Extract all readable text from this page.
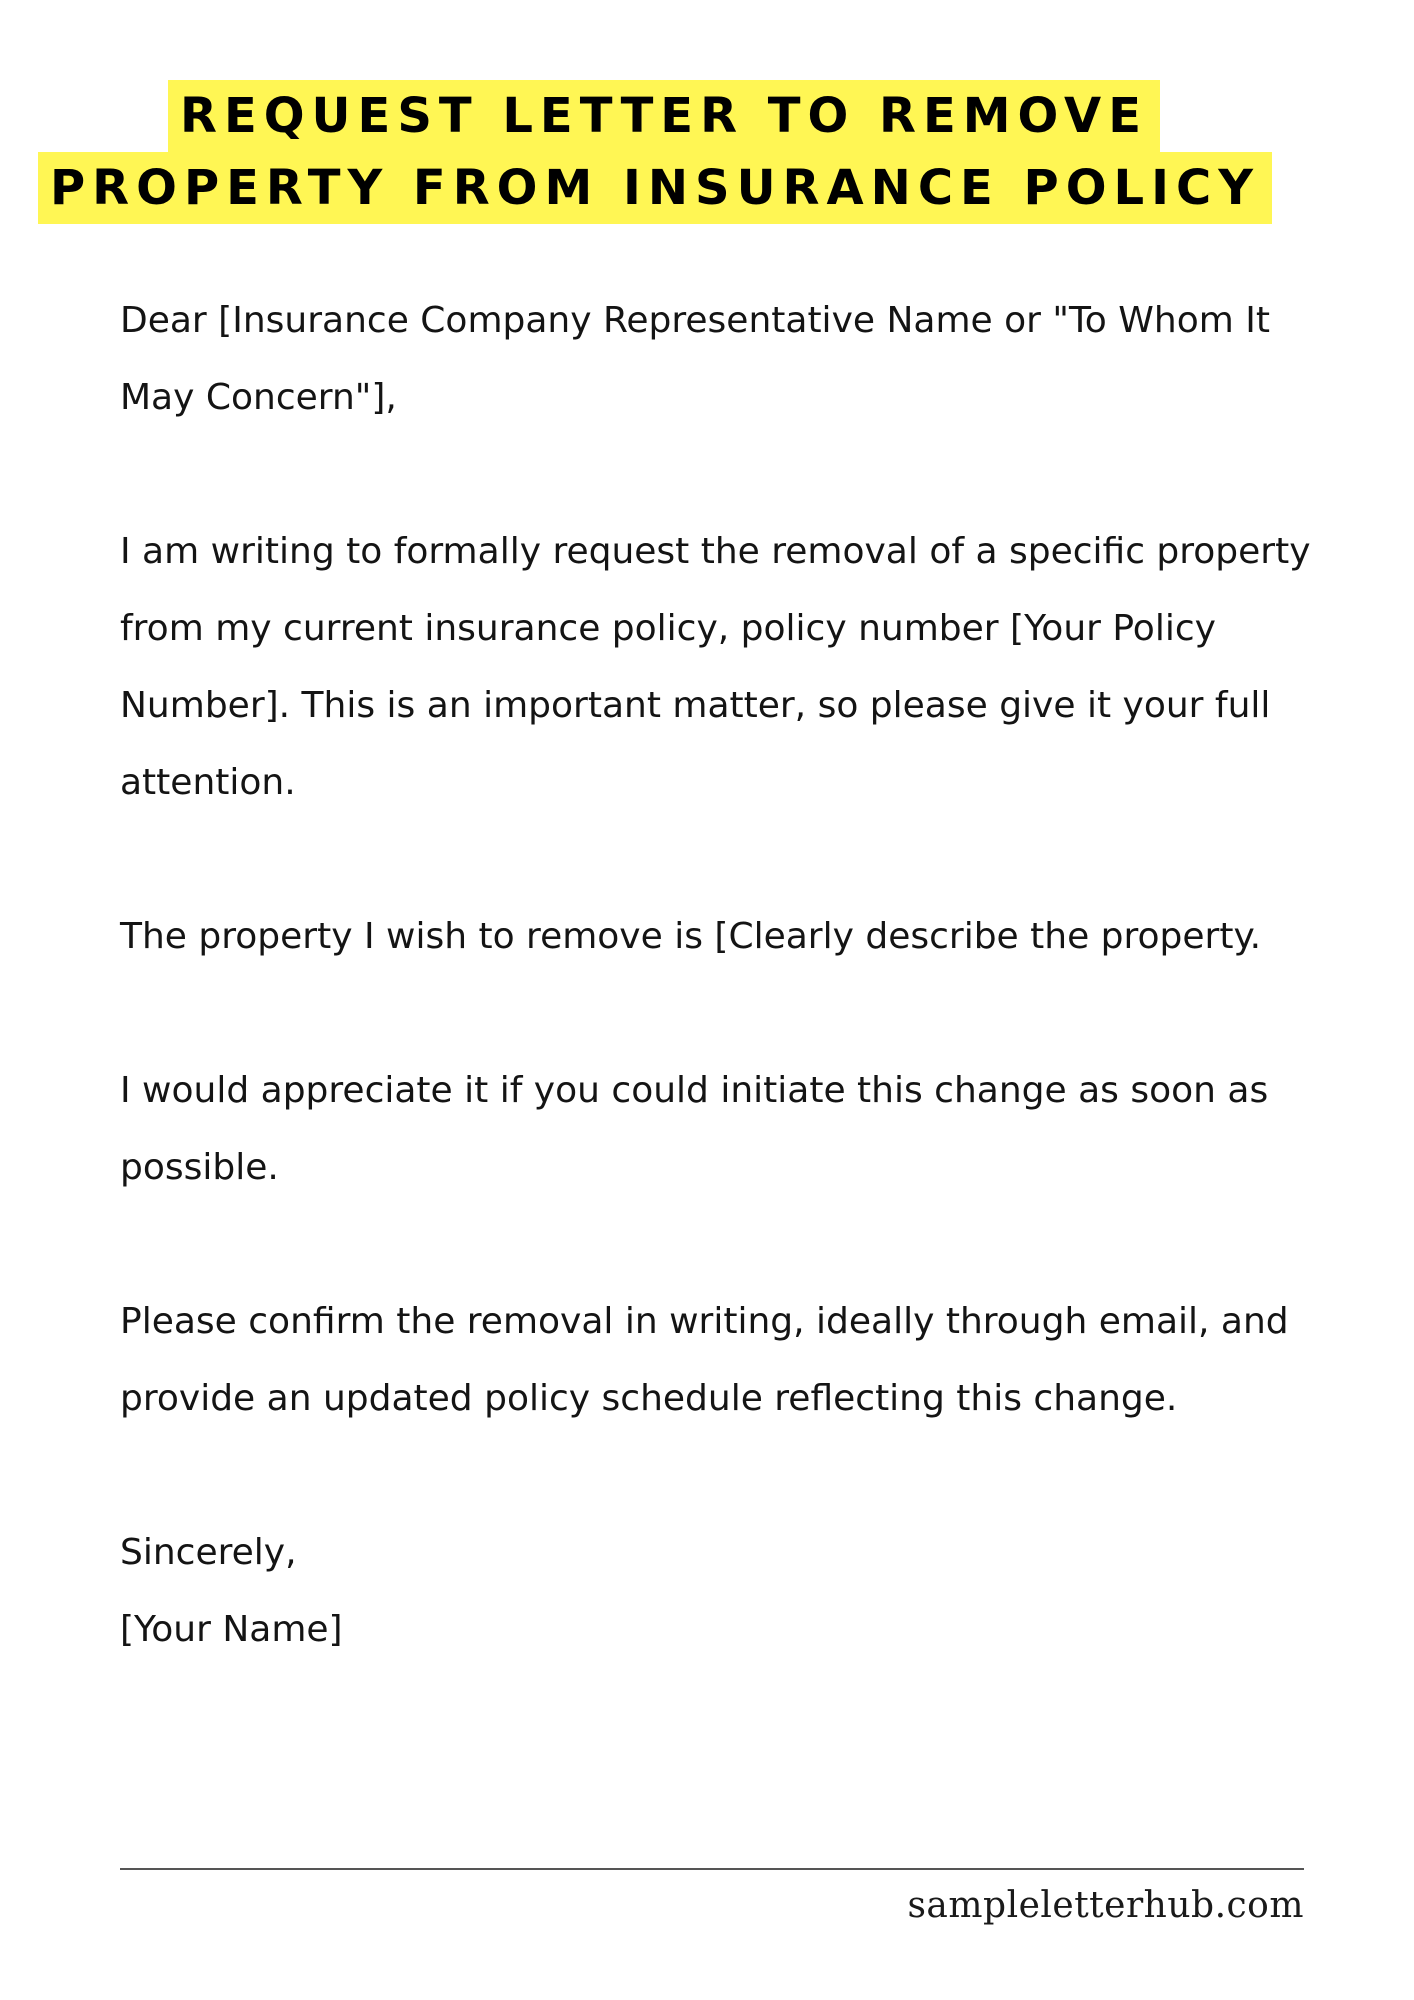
REQUEST LETTER TO REMOVE
PROPERTY FROM INSURANCE POLICY

Dear [Insurance Company Representative Name or "To Whom It May Concern"],

I am writing to formally request the removal of a specific property from my current insurance policy, policy number [Your Policy Number]. This is an important matter, so please give it your full attention.

The property I wish to remove is [Clearly describe the property.

I would appreciate it if you could initiate this change as soon as possible.

Please confirm the removal in writing, ideally through email, and provide an updated policy schedule reflecting this change.

Sincerely,
[Your Name]
sampleletterhub.com
